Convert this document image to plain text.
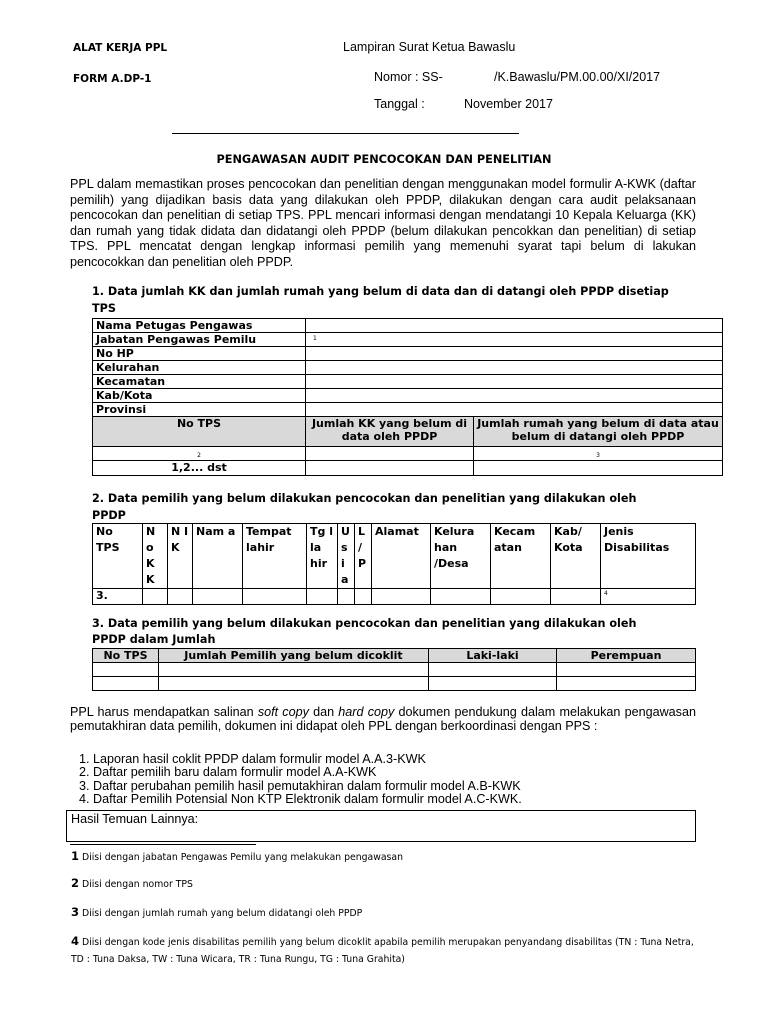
ALAT KERJA PPL
FORM A.DP-1
Lampiran Surat Ketua Bawaslu
Nomor : SS-	/K.Bawaslu/PM.00.00/XI/2017
Tanggal :	November 2017
PENGAWASAN AUDIT PENCOCOKAN DAN PENELITIAN
PPL dalam memastikan proses pencocokan dan penelitian dengan menggunakan model formulir A-KWK (daftar pemilih) yang dijadikan basis data yang dilakukan oleh PPDP, dilakukan dengan cara audit pelaksanaan pencocokan dan penelitian di setiap TPS. PPL mencari informasi dengan mendatangi 10 Kepala Keluarga (KK) dan rumah yang tidak didata dan didatangi oleh PPDP (belum dilakukan pencokkan dan penelitian) di setiap TPS. PPL mencatat dengan lengkap informasi pemilih yang memenuhi syarat tapi belum di lakukan pencocokkan dan penelitian oleh PPDP.
1. Data jumlah KK dan jumlah rumah yang belum di data dan di datangi oleh PPDP disetiap
TPS
Nama Petugas Pengawas		
Jabatan Pengawas Pemilu	$^1$
No HP		
Kelurahan		
Kecamatan		
Kab/Kota		
Provinsi		
No TPS	Jumlah KK yang belum di data oleh PPDP	Jumlah rumah yang belum di data atau belum di datangi oleh PPDP
2		3
1,2... dst		
2. Data pemilih yang belum dilakukan pencocokan dan penelitian yang dilakukan oleh
PPDP
No TPS	N o K K	N I K	Nam a	Tempat lahir	Tg l la hir	U s i a	L / P	Alamat	Kelura han /Desa	Kecam atan	Kab/ Kota	Jenis Disabilitas
3.												$^4$
3. Data pemilih yang belum dilakukan pencocokan dan penelitian yang dilakukan oleh
PPDP dalam Jumlah
No TPS	Jumlah Pemilih yang belum dicoklit	Laki-laki	Perempuan

PPL harus mendapatkan salinan soft copy dan hard copy dokumen pendukung dalam melakukan pengawasan pemutakhiran data pemilih, dokumen ini didapat oleh PPL dengan berkoordinasi dengan PPS :
1. Laporan hasil coklit PPDP dalam formulir model A.A.3-KWK
2. Daftar pemilih baru dalam formulir model A.A-KWK
3. Daftar perubahan pemilih hasil pemutakhiran dalam formulir model A.B-KWK
4. Daftar Pemilih Potensial Non KTP Elektronik dalam formulir model A.C-KWK.
Hasil Temuan Lainnya:
1 Diisi dengan jabatan Pengawas Pemilu yang melakukan pengawasan
2 Diisi dengan nomor TPS
3 Diisi dengan jumlah rumah yang belum didatangi oleh PPDP
4 Diisi dengan kode jenis disabilitas pemilih yang belum dicoklit apabila pemilih merupakan penyandang disabilitas (TN : Tuna Netra, TD : Tuna Daksa, TW : Tuna Wicara, TR : Tuna Rungu, TG : Tuna Grahita)
